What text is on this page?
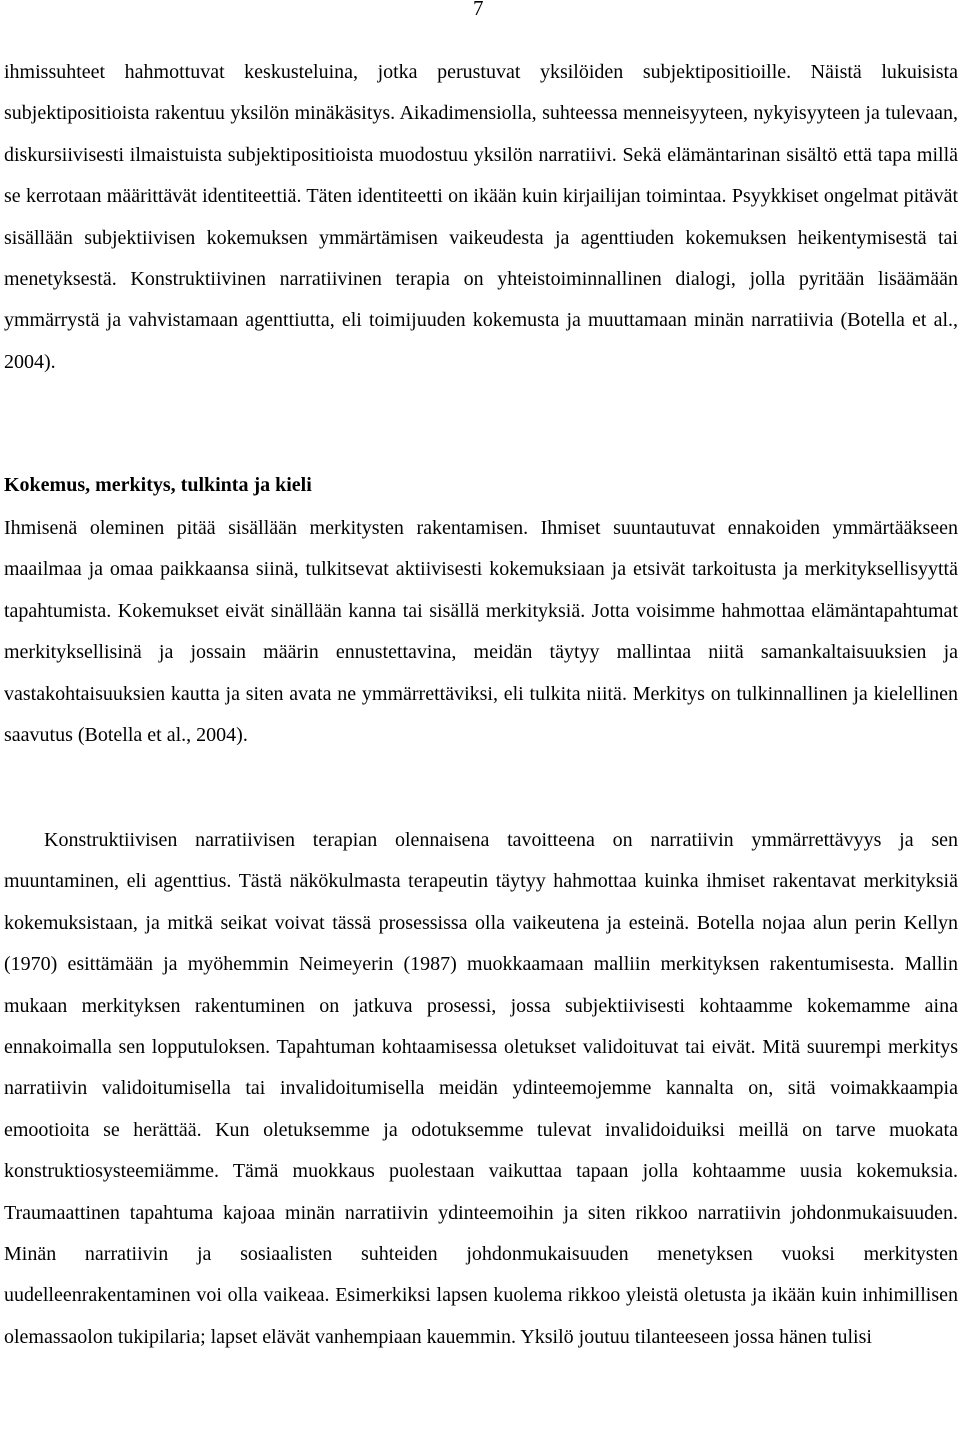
7

ihmissuhteet hahmottuvat keskusteluina, jotka perustuvat yksilöiden subjektipositioille. Näistä lukuisista subjektipositioista rakentuu yksilön minäkäsitys. Aikadimensiolla, suhteessa menneisyyteen, nykyisyyteen ja tulevaan, diskursiivisesti ilmaistuista subjektipositioista muodostuu yksilön narratiivi. Sekä elämäntarinan sisältö että tapa millä se kerrotaan määrittävät identiteettiä. Täten identiteetti on ikään kuin kirjailijan toimintaa. Psyykkiset ongelmat pitävät sisällään subjektiivisen kokemuksen ymmärtämisen vaikeudesta ja agenttiuden kokemuksen heikentymisestä tai menetyksestä. Konstruktiivinen narratiivinen terapia on yhteistoiminnallinen dialogi, jolla pyritään lisäämään ymmärrystä ja vahvistamaan agenttiutta, eli toimijuuden kokemusta ja muuttamaan minän narratiivia (Botella et al., 2004).

Kokemus, merkitys, tulkinta ja kieli

Ihmisenä oleminen pitää sisällään merkitysten rakentamisen. Ihmiset suuntautuvat ennakoiden ymmärtääkseen maailmaa ja omaa paikkaansa siinä, tulkitsevat aktiivisesti kokemuksiaan ja etsivät tarkoitusta ja merkityksellisyyttä tapahtumista. Kokemukset eivät sinällään kanna tai sisällä merkityksiä. Jotta voisimme hahmottaa elämäntapahtumat merkityksellisinä ja jossain määrin ennustettavina, meidän täytyy mallintaa niitä samankaltaisuuksien ja vastakohtaisuuksien kautta ja siten avata ne ymmärrettäviksi, eli tulkita niitä. Merkitys on tulkinnallinen ja kielellinen saavutus (Botella et al., 2004).

Konstruktiivisen narratiivisen terapian olennaisena tavoitteena on narratiivin ymmärrettävyys ja sen muuntaminen, eli agenttius. Tästä näkökulmasta terapeutin täytyy hahmottaa kuinka ihmiset rakentavat merkityksiä kokemuksistaan, ja mitkä seikat voivat tässä prosessissa olla vaikeutena ja esteinä. Botella nojaa alun perin Kellyn (1970) esittämään ja myöhemmin Neimeyerin (1987) muokkaamaan malliin merkityksen rakentumisesta. Mallin mukaan merkityksen rakentuminen on jatkuva prosessi, jossa subjektiivisesti kohtaamme kokemamme aina ennakoimalla sen lopputuloksen. Tapahtuman kohtaamisessa oletukset validoituvat tai eivät. Mitä suurempi merkitys narratiivin validoitumisella tai invalidoitumisella meidän ydinteemojemme kannalta on, sitä voimakkaampia emootioita se herättää. Kun oletuksemme ja odotuksemme tulevat invalidoiduiksi meillä on tarve muokata konstruktiosysteemiämme. Tämä muokkaus puolestaan vaikuttaa tapaan jolla kohtaamme uusia kokemuksia. Traumaattinen tapahtuma kajoaa minän narratiivin ydinteemoihin ja siten rikkoo narratiivin johdonmukaisuuden. Minän narratiivin ja sosiaalisten suhteiden johdonmukaisuuden menetyksen vuoksi merkitysten uudelleenrakentaminen voi olla vaikeaa. Esimerkiksi lapsen kuolema rikkoo yleistä oletusta ja ikään kuin inhimillisen olemassaolon tukipilaria; lapset elävät vanhempiaan kauemmin. Yksilö joutuu tilanteeseen jossa hänen tulisi
